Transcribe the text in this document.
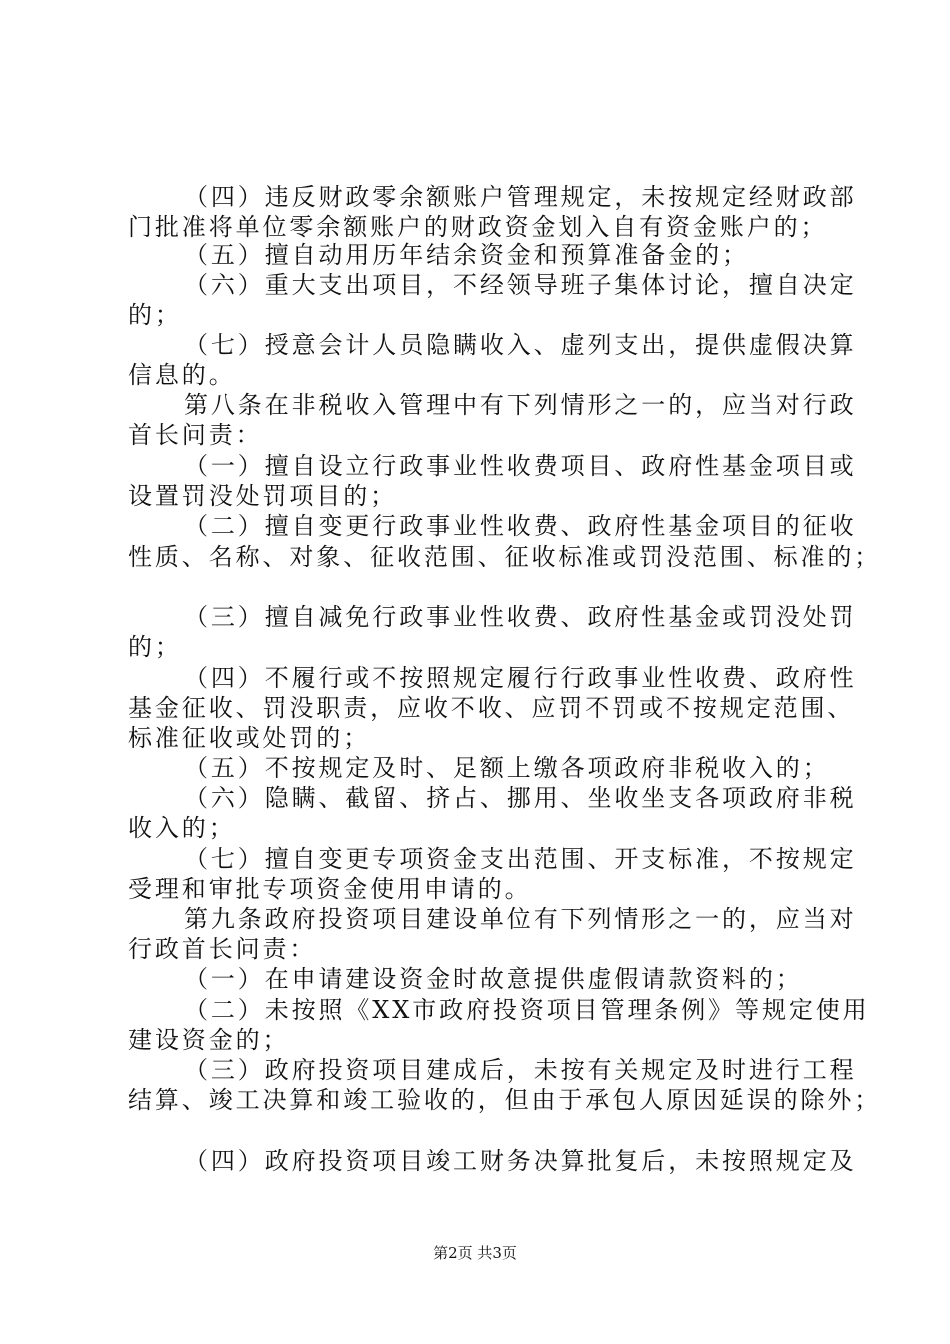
（四）违反财政零余额账户管理规定，未按规定经财政部
门批准将单位零余额账户的财政资金划入自有资金账户的；
（五）擅自动用历年结余资金和预算准备金的；
（六）重大支出项目，不经领导班子集体讨论，擅自决定
的；
（七）授意会计人员隐瞒收入、虚列支出，提供虚假决算
信息的。
第八条在非税收入管理中有下列情形之一的，应当对行政
首长问责：
（一）擅自设立行政事业性收费项目、政府性基金项目或
设置罚没处罚项目的；
（二）擅自变更行政事业性收费、政府性基金项目的征收
性质、名称、对象、征收范围、征收标准或罚没范围、标准的；
（三）擅自减免行政事业性收费、政府性基金或罚没处罚
的；
（四）不履行或不按照规定履行行政事业性收费、政府性
基金征收、罚没职责，应收不收、应罚不罚或不按规定范围、
标准征收或处罚的；
（五）不按规定及时、足额上缴各项政府非税收入的；
（六）隐瞒、截留、挤占、挪用、坐收坐支各项政府非税
收入的；
（七）擅自变更专项资金支出范围、开支标准，不按规定
受理和审批专项资金使用申请的。
第九条政府投资项目建设单位有下列情形之一的，应当对
行政首长问责：
（一）在申请建设资金时故意提供虚假请款资料的；
（二）未按照《XX市政府投资项目管理条例》等规定使用
建设资金的；
（三）政府投资项目建成后，未按有关规定及时进行工程
结算、竣工决算和竣工验收的，但由于承包人原因延误的除外；
（四）政府投资项目竣工财务决算批复后，未按照规定及
第2页 共3页
